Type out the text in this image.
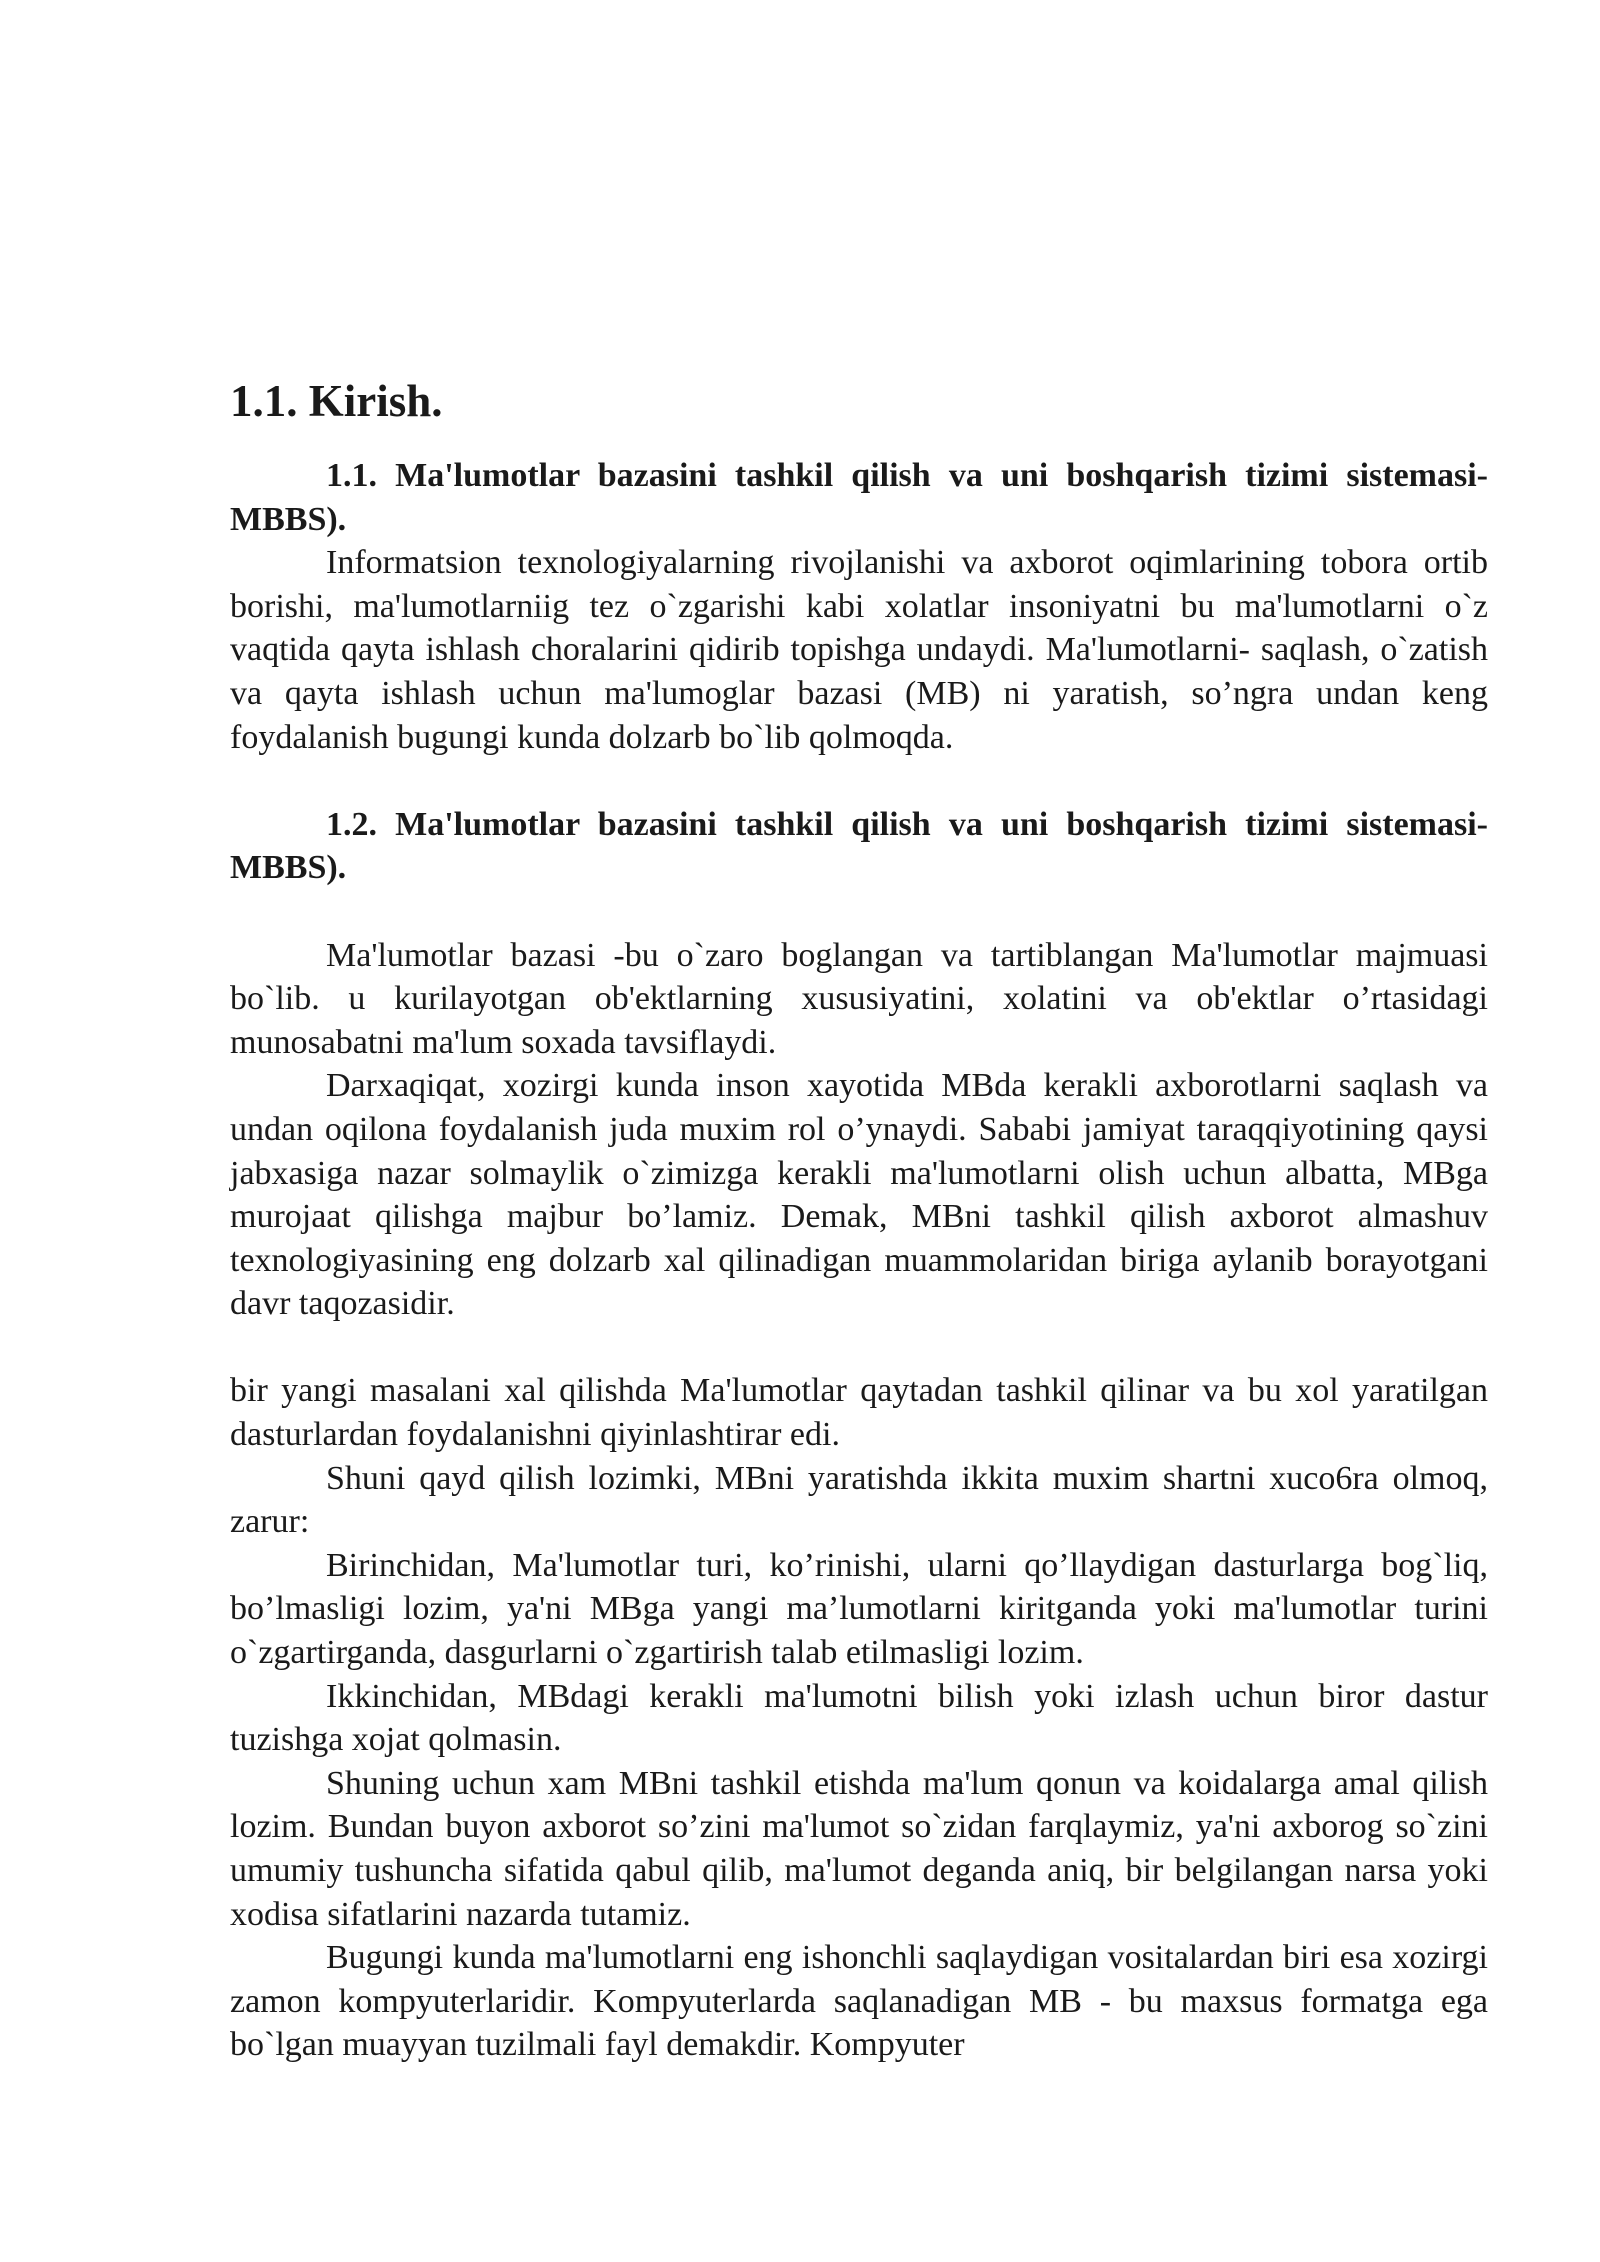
1.1. Kirish.

1.1. Ma'lumotlar bazasini tashkil qilish va uni boshqarish tizimi sistemasi-MBBS).

Informatsion texnologiyalarning rivojlanishi va axborot oqimlarining tobora ortib borishi, ma'lumotlarniig tez o`zgarishi kabi xolatlar insoniyatni bu ma'lumotlarni o`z vaqtida qayta ishlash choralarini qidirib topishga undaydi. Ma'lumotlarni- saqlash, o`zatish va qayta ishlash uchun ma'lumoglar bazasi (MB) ni yaratish, so’ngra undan keng foydalanish bugungi kunda dolzarb bo`lib qolmoqda.

1.2. Ma'lumotlar bazasini tashkil qilish va uni boshqarish tizimi sistemasi-MBBS).

Ma'lumotlar bazasi -bu o`zaro boglangan va tartiblangan Ma'lumotlar majmuasi bo`lib. u kurilayotgan ob'ektlarning xususiyatini, xolatini va ob'ektlar o’rtasidagi munosabatni ma'lum soxada tavsiflaydi.

Darxaqiqat, xozirgi kunda inson xayotida MBda kerakli axborotlarni saqlash va undan oqilona foydalanish juda muxim rol o’ynaydi. Sababi jamiyat taraqqiyotining qaysi jabxasiga nazar solmaylik o`zimizga kerakli ma'lumotlarni olish uchun albatta, MBga murojaat qilishga majbur bo’lamiz. Demak, MBni tashkil qilish axborot almashuv texnologiyasining eng dolzarb xal qilinadigan muammolaridan biriga aylanib borayotgani davr taqozasidir.

bir yangi masalani xal qilishda Ma'lumotlar qaytadan tashkil qilinar va bu xol yaratilgan dasturlardan foydalanishni qiyinlashtirar edi.

Shuni qayd qilish lozimki, MBni yaratishda ikkita muxim shartni xuco6ra olmoq, zarur:

Birinchidan, Ma'lumotlar turi, ko’rinishi, ularni qo’llaydigan dasturlarga bog`liq, bo’lmasligi lozim, ya'ni MBga yangi ma’lumotlarni kiritganda yoki ma'lumotlar turini o`zgartirganda, dasgurlarni o`zgartirish talab etilmasligi lozim.

Ikkinchidan, MBdagi kerakli ma'lumotni bilish yoki izlash uchun biror dastur tuzishga xojat qolmasin.

Shuning uchun xam MBni tashkil etishda ma'lum qonun va koidalarga amal qilish lozim. Bundan buyon axborot so’zini ma'lumot so`zidan farqlaymiz, ya'ni axborog so`zini umumiy tushuncha sifatida qabul qilib, ma'lumot deganda aniq, bir belgilangan narsa yoki xodisa sifatlarini nazarda tutamiz.

Bugungi kunda ma'lumotlarni eng ishonchli saqlaydigan vositalardan biri esa xozirgi zamon kompyuterlaridir. Kompyuterlarda saqlanadigan MB - bu maxsus formatga ega bo`lgan muayyan tuzilmali fayl demakdir. Kompyuter
